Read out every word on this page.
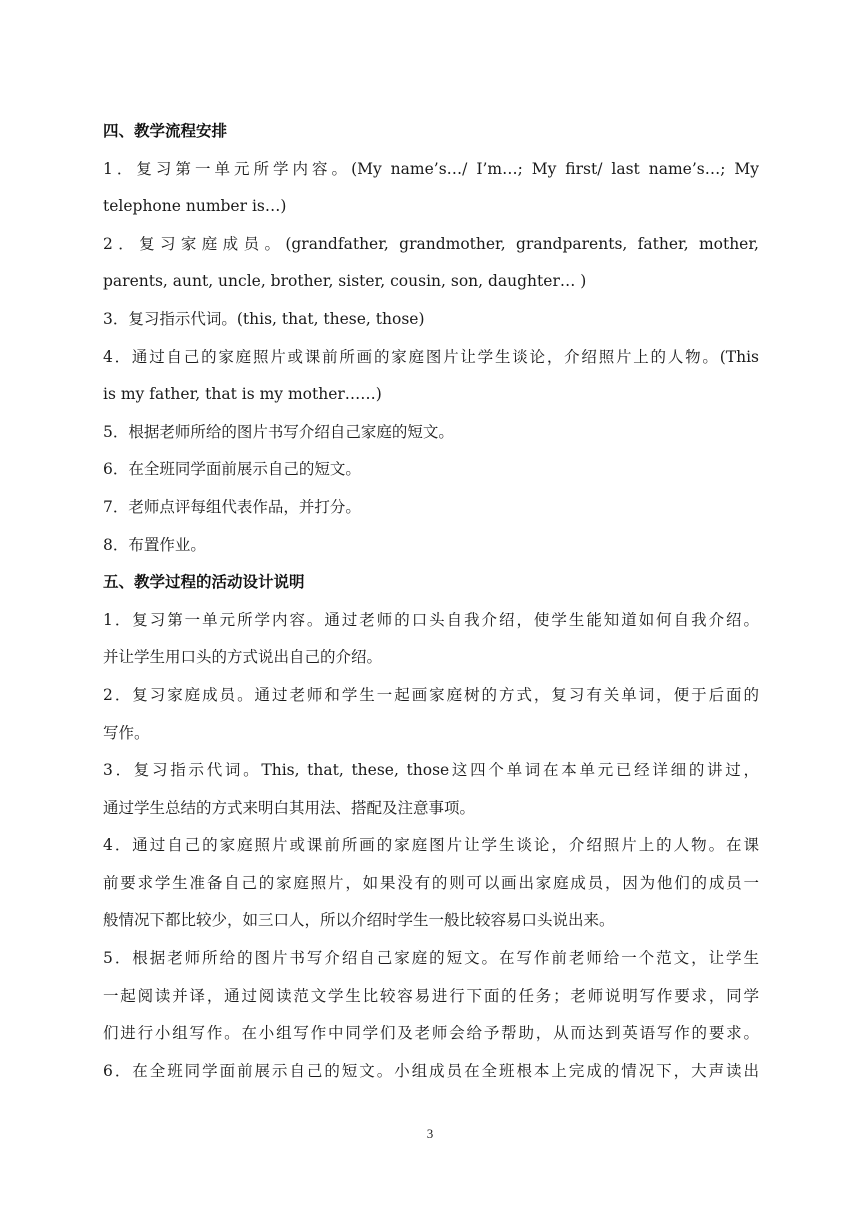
四、教学流程安排
1．复习第一单元所学内容。(My name’s…/ I’m…; My first/ last name’s…; My
telephone number is…)
2．复习家庭成员。(grandfather, grandmother, grandparents, father, mother,
parents, aunt, uncle, brother, sister, cousin, son, daughter… )
3．复习指示代词。(this, that, these, those)
4．通过自己的家庭照片或课前所画的家庭图片让学生谈论，介绍照片上的人物。(This
is my father, that is my mother……)
5．根据老师所给的图片书写介绍自己家庭的短文。
6．在全班同学面前展示自己的短文。
7．老师点评每组代表作品，并打分。
8．布置作业。
五、教学过程的活动设计说明
1．复习第一单元所学内容。通过老师的口头自我介绍，使学生能知道如何自我介绍。
并让学生用口头的方式说出自己的介绍。
2．复习家庭成员。通过老师和学生一起画家庭树的方式，复习有关单词，便于后面的
写作。
3．复习指示代词。This, that, these, those这四个单词在本单元已经详细的讲过，
通过学生总结的方式来明白其用法、搭配及注意事项。
4．通过自己的家庭照片或课前所画的家庭图片让学生谈论，介绍照片上的人物。在课
前要求学生准备自己的家庭照片，如果没有的则可以画出家庭成员，因为他们的成员一
般情况下都比较少，如三口人，所以介绍时学生一般比较容易口头说出来。
5．根据老师所给的图片书写介绍自己家庭的短文。在写作前老师给一个范文，让学生
一起阅读并译，通过阅读范文学生比较容易进行下面的任务；老师说明写作要求，同学
们进行小组写作。在小组写作中同学们及老师会给予帮助，从而达到英语写作的要求。
6．在全班同学面前展示自己的短文。小组成员在全班根本上完成的情况下，大声读出
3
